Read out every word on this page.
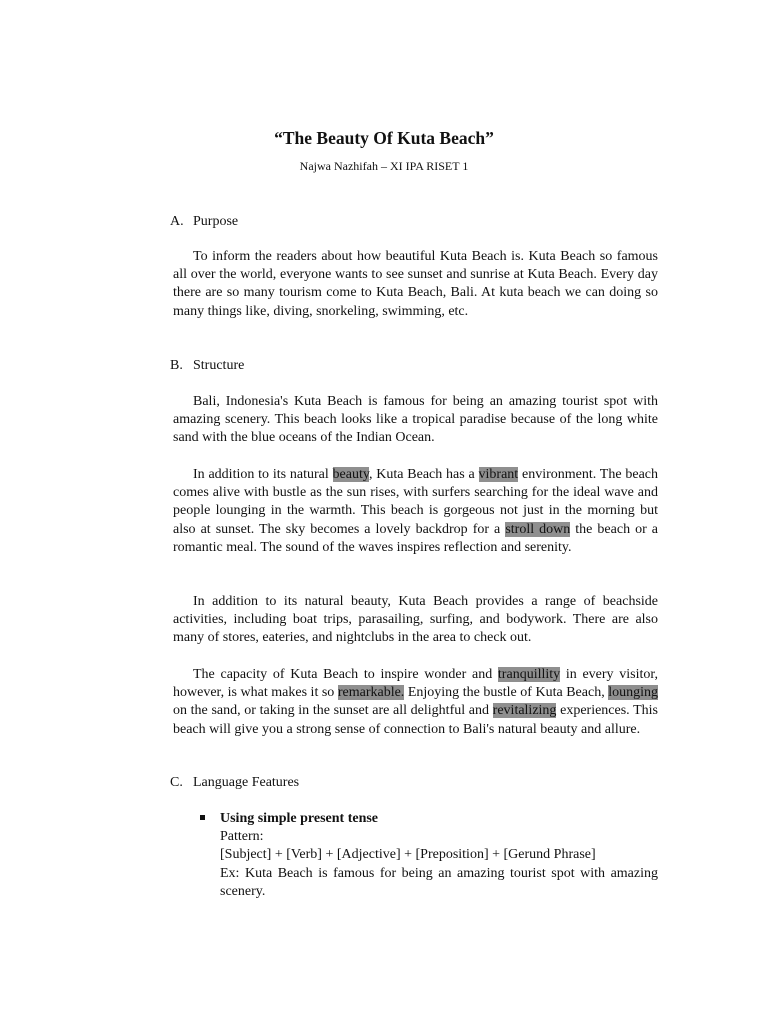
“The Beauty Of Kuta Beach”
Najwa Nazhifah – XI IPA RISET 1
A. Purpose

To inform the readers about how beautiful Kuta Beach is. Kuta Beach so famous all over the world, everyone wants to see sunset and sunrise at Kuta Beach. Every day there are so many tourism come to Kuta Beach, Bali. At kuta beach we can doing so many things like, diving, snorkeling, swimming, etc.

B. Structure

Bali, Indonesia's Kuta Beach is famous for being an amazing tourist spot with amazing scenery. This beach looks like a tropical paradise because of the long white sand with the blue oceans of the Indian Ocean.

In addition to its natural beauty, Kuta Beach has a vibrant environment. The beach comes alive with bustle as the sun rises, with surfers searching for the ideal wave and people lounging in the warmth. This beach is gorgeous not just in the morning but also at sunset. The sky becomes a lovely backdrop for a stroll down the beach or a romantic meal. The sound of the waves inspires reflection and serenity.

In addition to its natural beauty, Kuta Beach provides a range of beachside activities, including boat trips, parasailing, surfing, and bodywork. There are also many of stores, eateries, and nightclubs in the area to check out.

The capacity of Kuta Beach to inspire wonder and tranquillity in every visitor, however, is what makes it so remarkable. Enjoying the bustle of Kuta Beach, lounging on the sand, or taking in the sunset are all delightful and revitalizing experiences. This beach will give you a strong sense of connection to Bali's natural beauty and allure.

C. Language Features
Using simple present tense
Pattern:
[Subject] + [Verb] + [Adjective] + [Preposition] + [Gerund Phrase]
Ex: Kuta Beach is famous for being an amazing tourist spot with amazing scenery.
